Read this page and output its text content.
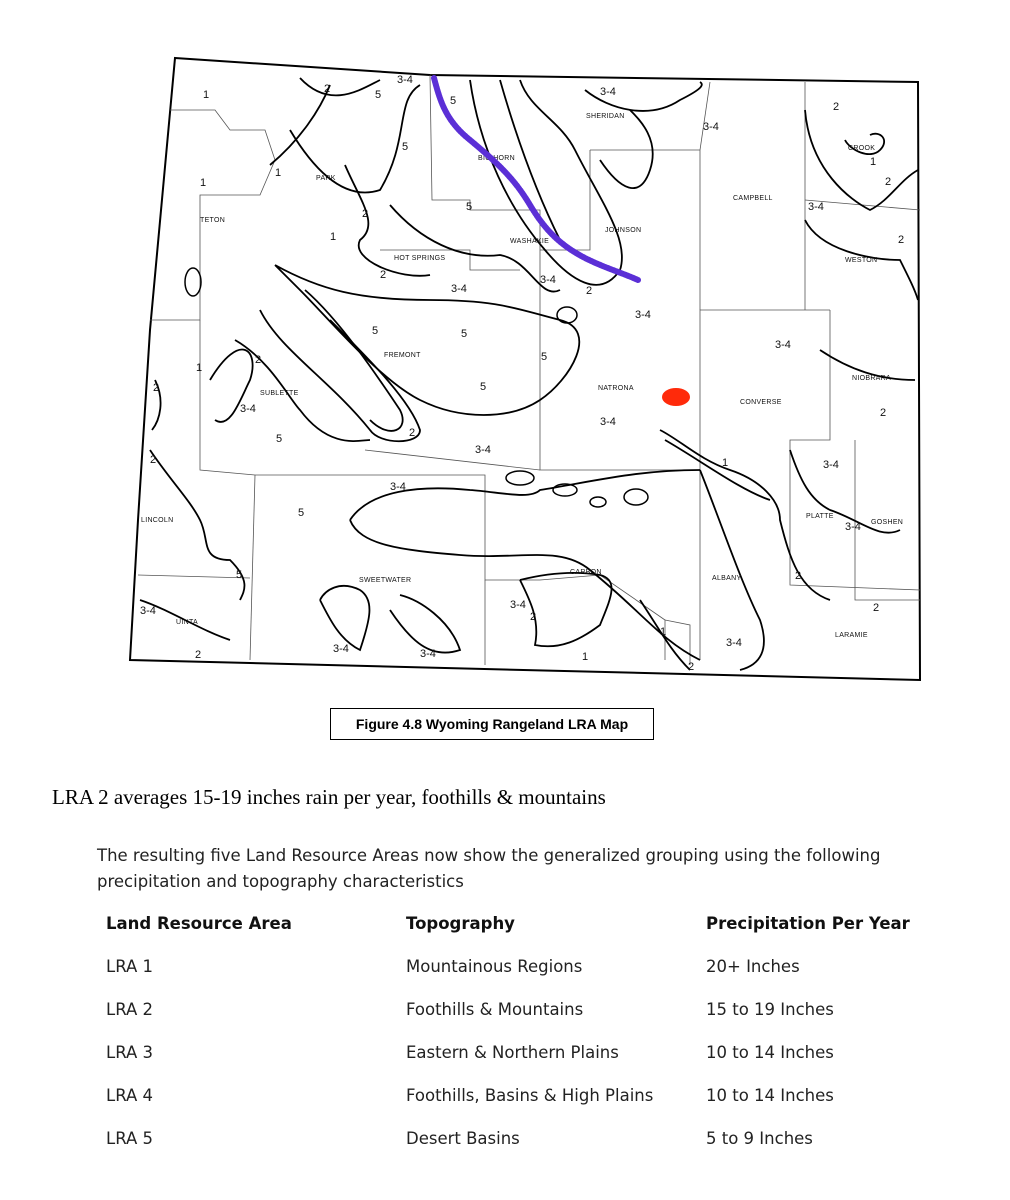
1
1
1
1
1
1
1
1
1
2
2
2
2
2
2
2
2
2
2
2
2
2
2
2
2
2
3-4
3-4
3-4
3-4
3-4
3-4
3-4
3-4
3-4
3-4
3-4
3-4
3-4
3-4
3-4
3-4	3-4
3-4
3-4
5
5
5
5
5	5
5
5
5
5
5
SHERIDAN
BIG HORN
PARK
TETON
CAMPBELL
CROOK
WESTON
JOHNSON
WASHAKIE
HOT SPRINGS
FREMONT
NATRONA
CONVERSE
NIOBRARA
SUBLETTE
LINCOLN
SWEETWATER
CARBON
ALBANY
PLATTE
GOSHEN
LARAMIE
UINTA
Figure 4.8 Wyoming Rangeland LRA Map
LRA 2 averages 15-19 inches rain per year, foothills & mountains
The resulting five Land Resource Areas now show the generalized grouping using the following precipitation and topography characteristics
Land Resource Area	Topography	Precipitation Per Year
LRA 1	Mountainous Regions	20+ Inches
LRA 2	Foothills & Mountains	15 to 19 Inches
LRA 3	Eastern & Northern Plains	10 to 14 Inches
LRA 4	Foothills, Basins & High Plains	10 to 14 Inches
LRA 5	Desert Basins	5 to 9 Inches
